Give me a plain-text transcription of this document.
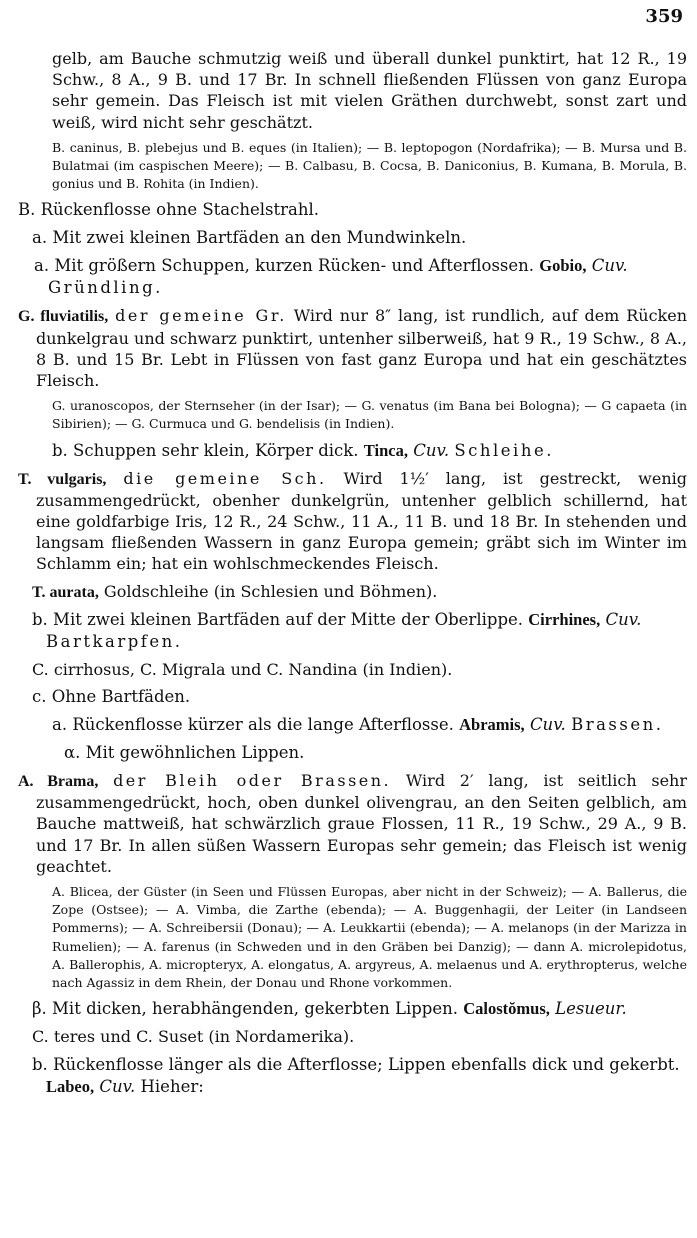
359

gelb, am Bauche schmutzig weiß und überall dunkel punktirt, hat 12 R., 19 Schw., 8 A., 9 B. und 17 Br. In schnell fließenden Flüssen von ganz Europa sehr gemein. Das Fleisch ist mit vielen Gräthen durchwebt, sonst zart und weiß, wird nicht sehr geschätzt.

B. caninus, B. plebejus und B. eques (in Italien); — B. leptopogon (Nordafrika); — B. Mursa und B. Bulatmai (im caspischen Meere); — B. Calbasu, B. Cocsa, B. Daniconius, B. Kumana, B. Morula, B. gonius und B. Rohita (in Indien).

B. Rückenflosse ohne Stachelstrahl.

a. Mit zwei kleinen Bartfäden an den Mundwinkeln.

a. Mit größern Schuppen, kurzen Rücken- und Afterflossen. Gobio, Cuv. Gründling.

G. fluviatilis, der gemeine Gr. Wird nur 8″ lang, ist rundlich, auf dem Rücken dunkelgrau und schwarz punktirt, untenher silberweiß, hat 9 R., 19 Schw., 8 A., 8 B. und 15 Br. Lebt in Flüssen von fast ganz Europa und hat ein geschätztes Fleisch.

G. uranoscopos, der Sternseher (in der Isar); — G. venatus (im Bana bei Bologna); — G capaeta (in Sibirien); — G. Curmuca und G. bendelisis (in Indien).

b. Schuppen sehr klein, Körper dick. Tinca, Cuv. Schleihe.

T. vulgaris, die gemeine Sch. Wird 1½′ lang, ist gestreckt, wenig zusammengedrückt, obenher dunkelgrün, untenher gelblich schillernd, hat eine goldfarbige Iris, 12 R., 24 Schw., 11 A., 11 B. und 18 Br. In stehenden und langsam fließenden Wassern in ganz Europa gemein; gräbt sich im Winter im Schlamm ein; hat ein wohlschmeckendes Fleisch.

T. aurata, Goldschleihe (in Schlesien und Böhmen).

b. Mit zwei kleinen Bartfäden auf der Mitte der Oberlippe. Cirrhines, Cuv. Bartkarpfen.

C. cirrhosus, C. Migrala und C. Nandina (in Indien).

c. Ohne Bartfäden.

a. Rückenflosse kürzer als die lange Afterflosse. Abramis, Cuv. Brassen.

α. Mit gewöhnlichen Lippen.

A. Brama, der Bleih oder Brassen. Wird 2′ lang, ist seitlich sehr zusammengedrückt, hoch, oben dunkel olivengrau, an den Seiten gelblich, am Bauche mattweiß, hat schwärzlich graue Flossen, 11 R., 19 Schw., 29 A., 9 B. und 17 Br. In allen süßen Wassern Europas sehr gemein; das Fleisch ist wenig geachtet.

A. Blicea, der Güster (in Seen und Flüssen Europas, aber nicht in der Schweiz); — A. Ballerus, die Zope (Ostsee); — A. Vimba, die Zarthe (ebenda); — A. Buggenhagii, der Leiter (in Landseen Pommerns); — A. Schreibersii (Donau); — A. Leukkartii (ebenda); — A. melanops (in der Marizza in Rumelien); — A. farenus (in Schweden und in den Gräben bei Danzig); — dann A. microlepidotus, A. Ballerophis, A. micropteryx, A. elongatus, A. argyreus, A. melaenus und A. erythropterus, welche nach Agassiz in dem Rhein, der Donau und Rhone vorkommen.

β. Mit dicken, herabhängenden, gekerbten Lippen. Calostŏmus, Lesueur.

C. teres und C. Suset (in Nordamerika).

b. Rückenflosse länger als die Afterflosse; Lippen ebenfalls dick und gekerbt. Labeo, Cuv. Hieher:
